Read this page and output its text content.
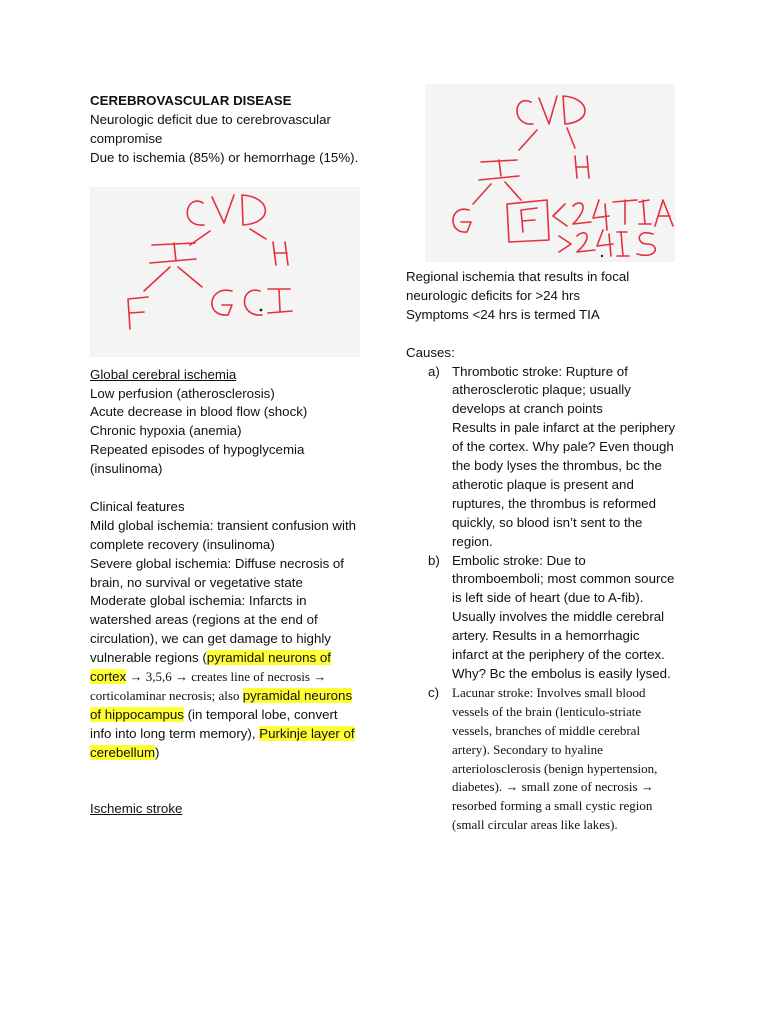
CEREBROVASCULAR DISEASE

Neurologic deficit due to cerebrovascular compromise

Due to ischemia (85%) or hemorrhage (15%).

Global cerebral ischemia

Low perfusion (atherosclerosis)

Acute decrease in blood flow (shock)

Chronic hypoxia (anemia)

Repeated episodes of hypoglycemia (insulinoma)

Clinical features

Mild global ischemia: transient confusion with complete recovery (insulinoma)

Severe global ischemia: Diffuse necrosis of brain, no survival or vegetative state

Moderate global ischemia: Infarcts in watershed areas (regions at the end of circulation), we can get damage to highly vulnerable regions (pyramidal neurons of cortex → 3,5,6 → creates line of necrosis → corticolaminar necrosis; also pyramidal neurons of hippocampus (in temporal lobe, convert info into long term memory), Purkinje layer of cerebellum)

Ischemic stroke

Regional ischemia that results in focal neurologic deficits for >24 hrs

Symptoms <24 hrs is termed TIA

Causes:

a) Thrombotic stroke: Rupture of atherosclerotic plaque; usually develops at cranch points

Results in pale infarct at the periphery of the cortex. Why pale? Even though the body lyses the thrombus, bc the atherotic plaque is present and ruptures, the thrombus is reformed quickly, so blood isn’t sent to the region.

b) Embolic stroke: Due to thromboemboli; most common source is left side of heart (due to A-fib). Usually involves the middle cerebral artery. Results in a hemorrhagic infarct at the periphery of the cortex. Why? Bc the embolus is easily lysed.

c) Lacunar stroke: Involves small blood vessels of the brain (lenticulo-striate vessels, branches of middle cerebral artery). Secondary to hyaline arteriolosclerosis (benign hypertension, diabetes). → small zone of necrosis → resorbed forming a small cystic region (small circular areas like lakes).
